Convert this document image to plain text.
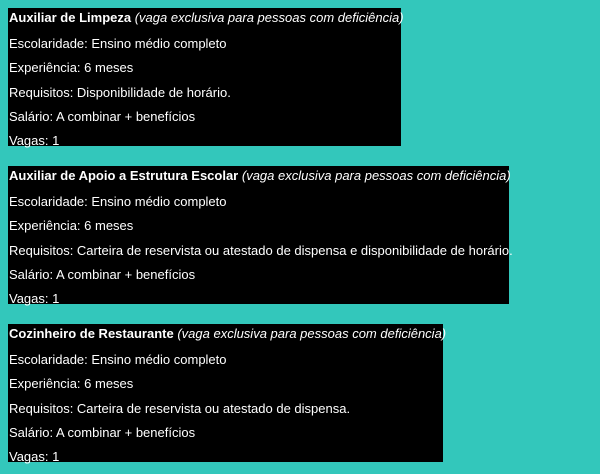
Auxiliar de Limpeza (vaga exclusiva para pessoas com deficiência)
Escolaridade: Ensino médio completo
Experiência: 6 meses
Requisitos: Disponibilidade de horário.
Salário: A combinar + benefícios
Vagas: 1
Auxiliar de Apoio a Estrutura Escolar (vaga exclusiva para pessoas com deficiência)
Escolaridade: Ensino médio completo
Experiência: 6 meses
Requisitos: Carteira de reservista ou atestado de dispensa e disponibilidade de horário.
Salário: A combinar + benefícios
Vagas: 1
Cozinheiro de Restaurante (vaga exclusiva para pessoas com deficiência)
Escolaridade: Ensino médio completo
Experiência: 6 meses
Requisitos: Carteira de reservista ou atestado de dispensa.
Salário: A combinar + benefícios
Vagas: 1
